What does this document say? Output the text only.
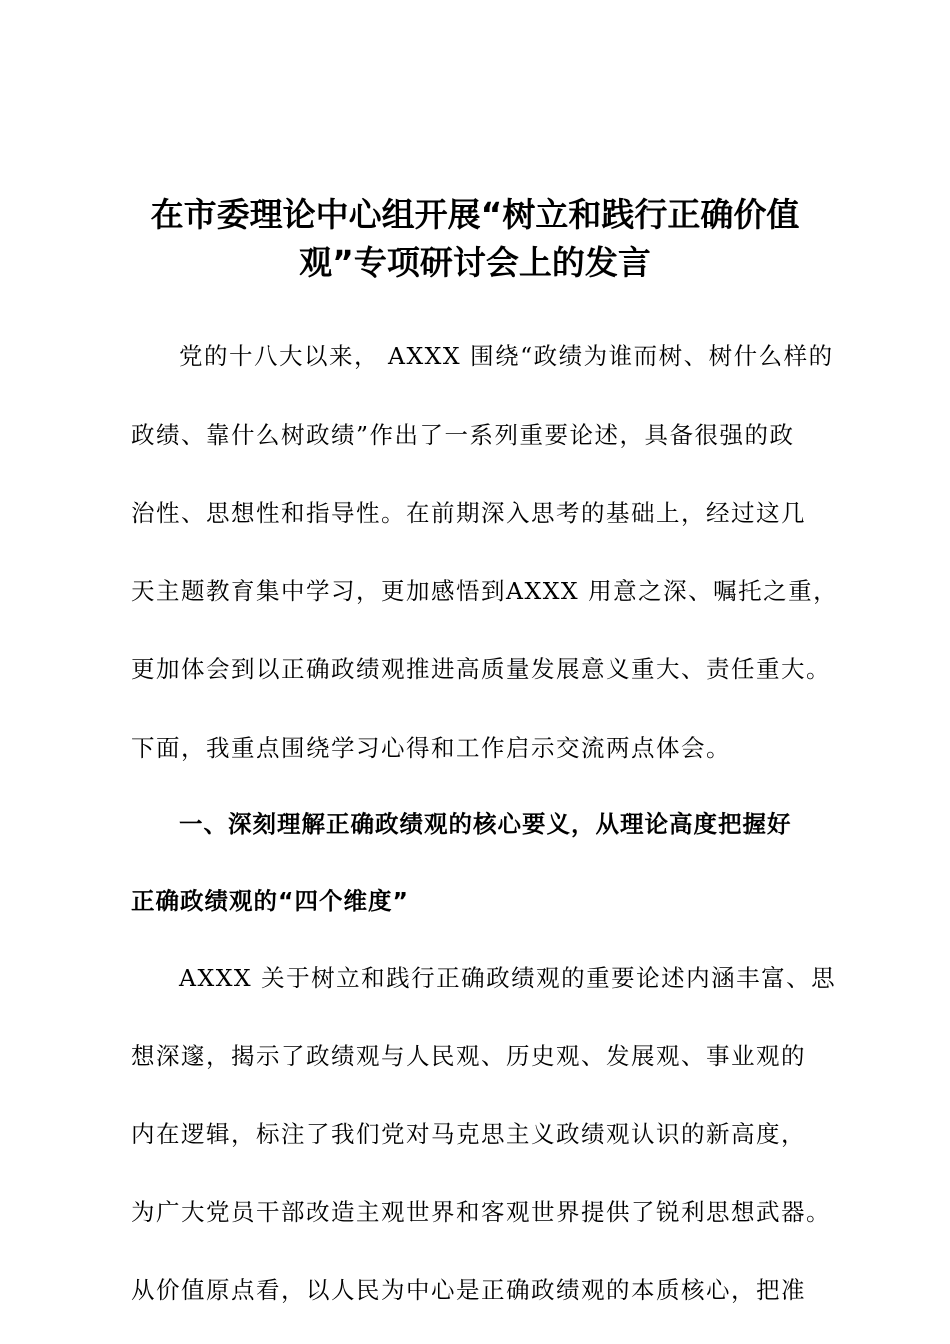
在市委理论中心组开展“树立和践行正确价值
观”专项研讨会上的发言
党的十八大以来， AXXX 围绕“政绩为谁而树、树什么样的
政绩、靠什么树政绩”作出了一系列重要论述，具备很强的政
治性、思想性和指导性。在前期深入思考的基础上，经过这几
天主题教育集中学习，更加感悟到AXXX 用意之深、嘱托之重，
更加体会到以正确政绩观推进高质量发展意义重大、责任重大。
下面，我重点围绕学习心得和工作启示交流两点体会。
一、深刻理解正确政绩观的核心要义，从理论高度把握好
正确政绩观的“四个维度”
AXXX 关于树立和践行正确政绩观的重要论述内涵丰富、思
想深邃，揭示了政绩观与人民观、历史观、发展观、事业观的
内在逻辑，标注了我们党对马克思主义政绩观认识的新高度，
为广大党员干部改造主观世界和客观世界提供了锐利思想武器。
从价值原点看，以人民为中心是正确政绩观的本质核心，把准
